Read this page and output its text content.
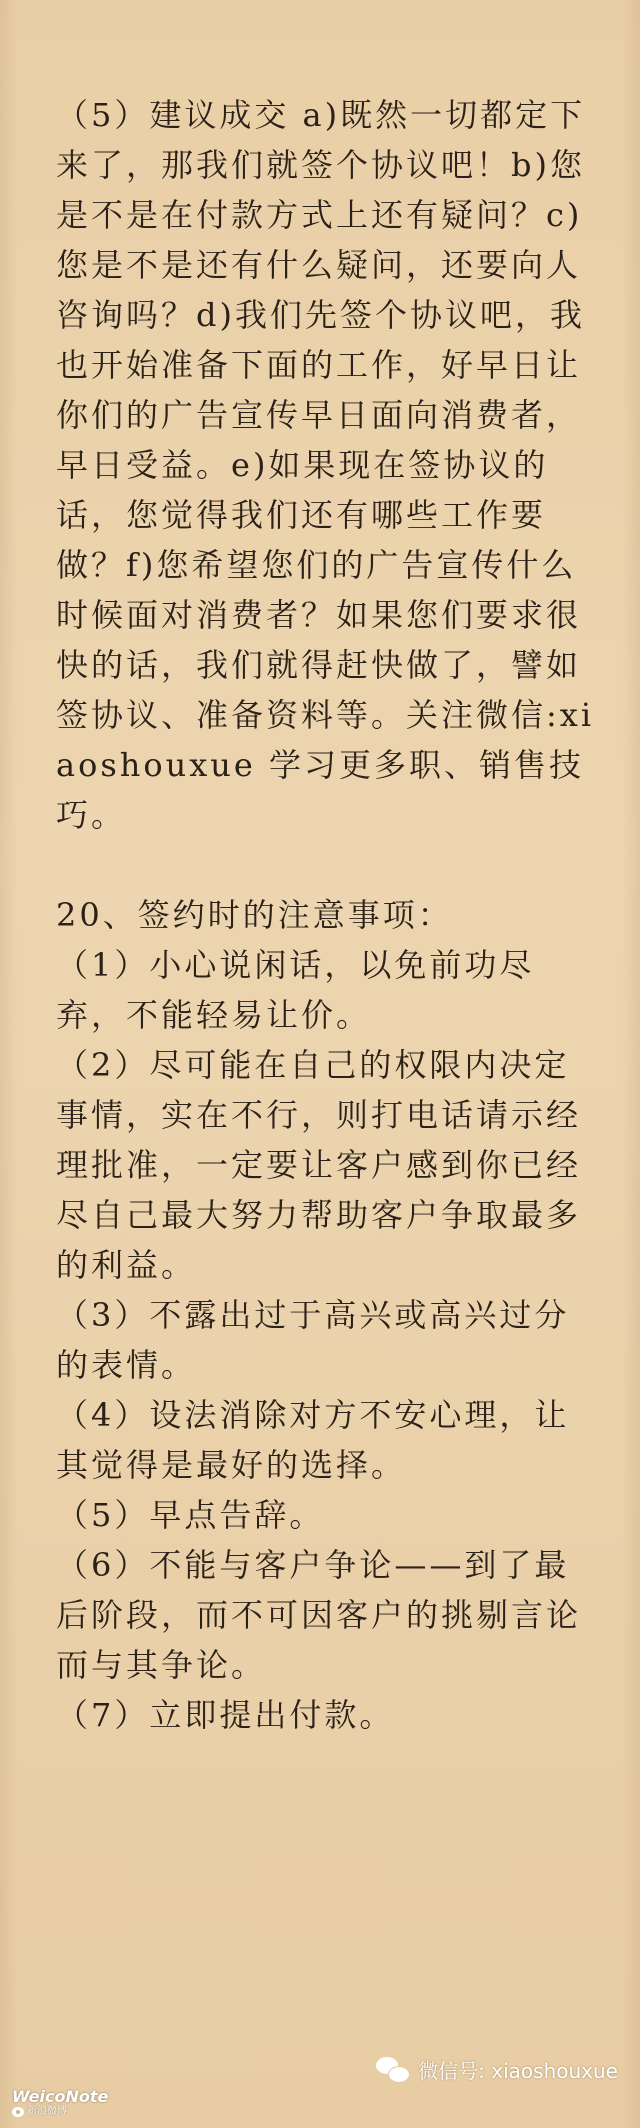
（5）建议成交 a)既然一切都定下来了，那我们就签个协议吧！b)您是不是在付款方式上还有疑问？c)您是不是还有什么疑问，还要向人咨询吗？d)我们先签个协议吧，我也开始准备下面的工作，好早日让你们的广告宣传早日面向消费者，早日受益。e)如果现在签协议的话，您觉得我们还有哪些工作要 做？f)您希望您们的广告宣传什么时候面对消费者？如果您们要求很快的话，我们就得赶快做了，譬如签协议、准备资料等。关注微信:xiaoshouxue 学习更多职、销售技巧。

20、签约时的注意事项：

（1）小心说闲话，以免前功尽弃，不能轻易让价。

（2）尽可能在自己的权限内决定事情，实在不行，则打电话请示经理批准，一定要让客户感到你已经尽自己最大努力帮助客户争取最多的利益。

（3）不露出过于高兴或高兴过分的表情。

（4）设法消除对方不安心理，让其觉得是最好的选择。

（5）早点告辞。

（6）不能与客户争论——到了最后阶段，而不可因客户的挑剔言论而与其争论。

（7）立即提出付款。

WeicoNote
新浪微博
微信号: xiaoshouxue
